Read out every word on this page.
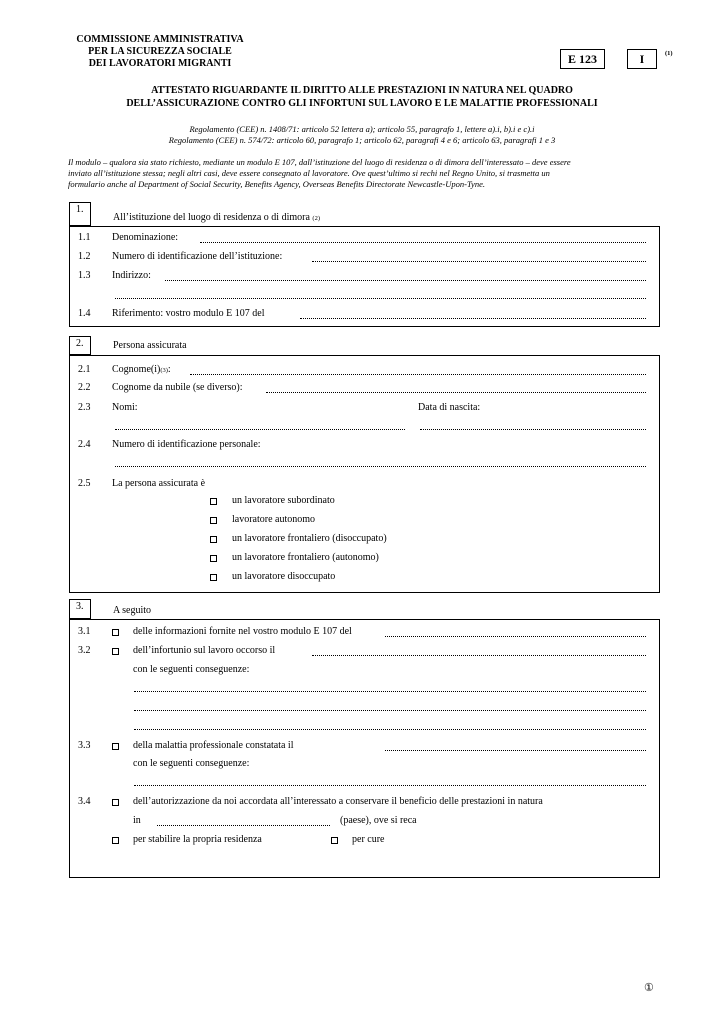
COMMISSIONE AMMINISTRATIVA
PER LA SICUREZZA SOCIALE
DEI LAVORATORI MIGRANTI	E 123	I	(1)
ATTESTATO RIGUARDANTE IL DIRITTO ALLE PRESTAZIONI IN NATURA NEL QUADRO
DELL’ASSICURAZIONE CONTRO GLI INFORTUNI SUL LAVORO E LE MALATTIE PROFESSIONALI
Regolamento (CEE) n. 1408/71: articolo 52 lettera a); articolo 55, paragrafo 1, lettere a).i, b).i e c).i
Regolamento (CEE) n. 574/72: articolo 60, paragrafo 1; articolo 62, paragrafi 4 e 6; articolo 63, paragrafi 1 e 3
Il modulo – qualora sia stato richiesto, mediante un modulo E 107, dall’istituzione del luogo di residenza o di dimora dell’interessato – deve essere
inviato all’istituzione stessa; negli altri casi, deve essere consegnato al lavoratore. Ove quest’ultimo si rechi nel Regno Unito, si trasmetta un
formulario anche al Department of Social Security, Benefits Agency, Overseas Benefits Directorate Newcastle-Upon-Tyne.
1.
All’istituzione del luogo di residenza o di dimora (2)
1.1 Denominazione:
1.2 Numero di identificazione dell’istituzione:
1.3 Indirizzo:
1.4 Riferimento: vostro modulo E 107 del
2.	Persona assicurata
2.1 Cognome(i)(3):
2.2 Cognome da nubile (se diverso):
2.3 Nomi:	Data di nascita:
2.4 Numero di identificazione personale:
2.5 La persona assicurata è
un lavoratore subordinato
lavoratore autonomo
un lavoratore frontaliero (disoccupato)
un lavoratore frontaliero (autonomo)
un lavoratore disoccupato
3.	A seguito
3.1	delle informazioni fornite nel vostro modulo E 107 del
3.2	dell’infortunio sul lavoro occorso il
con le seguenti conseguenze:
3.3	della malattia professionale constatata il
con le seguenti conseguenze:
3.4	dell’autorizzazione da noi accordata all’interessato a conservare il beneficio delle prestazioni in natura
in	(paese), ove si reca
per stabilire la propria residenza	per cure
①
